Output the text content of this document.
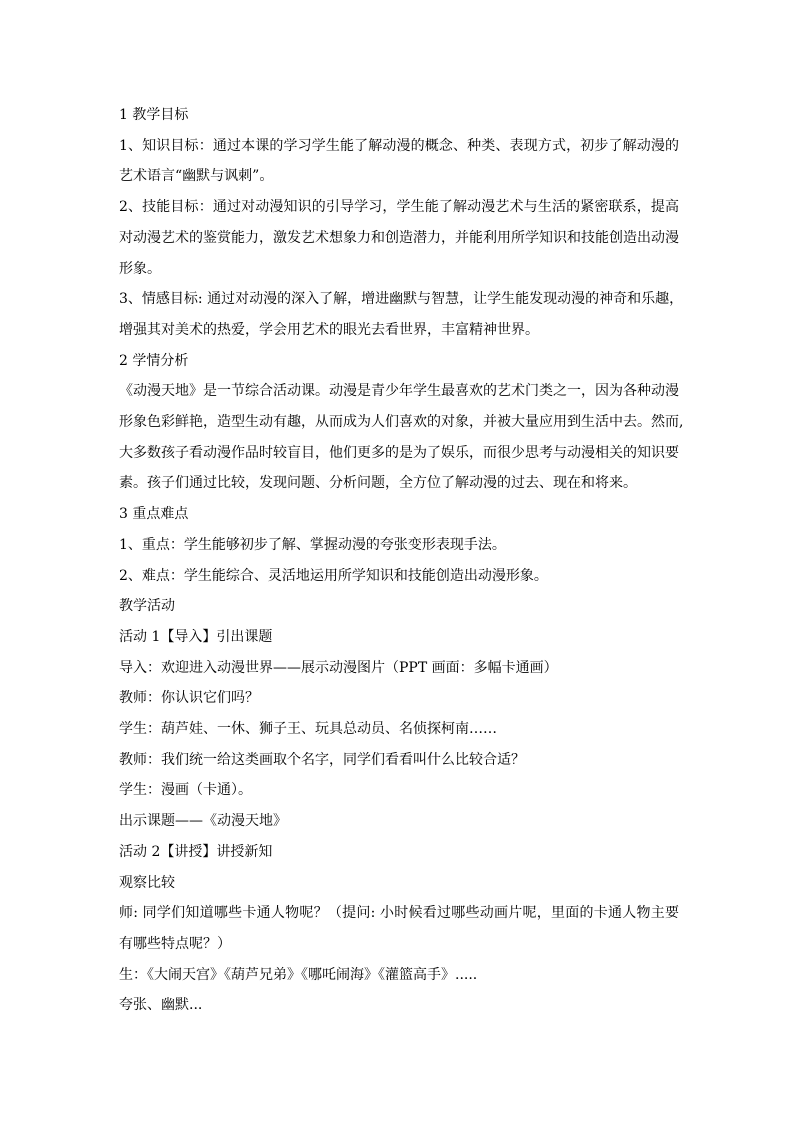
1 教学目标
1、知识目标：通过本课的学习学生能了解动漫的概念、种类、表现方式，初步了解动漫的
艺术语言“幽默与讽刺”。
2、技能目标：通过对动漫知识的引导学习，学生能了解动漫艺术与生活的紧密联系，提高
对动漫艺术的鉴赏能力，激发艺术想象力和创造潜力，并能利用所学知识和技能创造出动漫
形象。
3、情感目标: 通过对动漫的深入了解，增进幽默与智慧，让学生能发现动漫的神奇和乐趣，
增强其对美术的热爱，学会用艺术的眼光去看世界，丰富精神世界。
2 学情分析
《动漫天地》是一节综合活动课。动漫是青少年学生最喜欢的艺术门类之一，因为各种动漫
形象色彩鲜艳，造型生动有趣，从而成为人们喜欢的对象，并被大量应用到生活中去。然而,
大多数孩子看动漫作品时较盲目，他们更多的是为了娱乐，而很少思考与动漫相关的知识要
素。孩子们通过比较，发现问题、分析问题，全方位了解动漫的过去、现在和将来。
3 重点难点
1、重点：学生能够初步了解、掌握动漫的夸张变形表现手法。
2、难点：学生能综合、灵活地运用所学知识和技能创造出动漫形象。
教学活动
活动 1【导入】引出课题
导入：欢迎进入动漫世界——展示动漫图片（PPT 画面：多幅卡通画）
教师：你认识它们吗？
学生：葫芦娃、一休、狮子王、玩具总动员、名侦探柯南……
教师：我们统一给这类画取个名字，同学们看看叫什么比较合适？
学生：漫画（卡通）。
出示课题——《动漫天地》
活动 2【讲授】讲授新知
观察比较
师: 同学们知道哪些卡通人物呢？（提问: 小时候看过哪些动画片呢，里面的卡通人物主要
有哪些特点呢？）
生：《大闹天宫》《葫芦兄弟》《哪吒闹海》《灌篮高手》.....
夸张、幽默...
